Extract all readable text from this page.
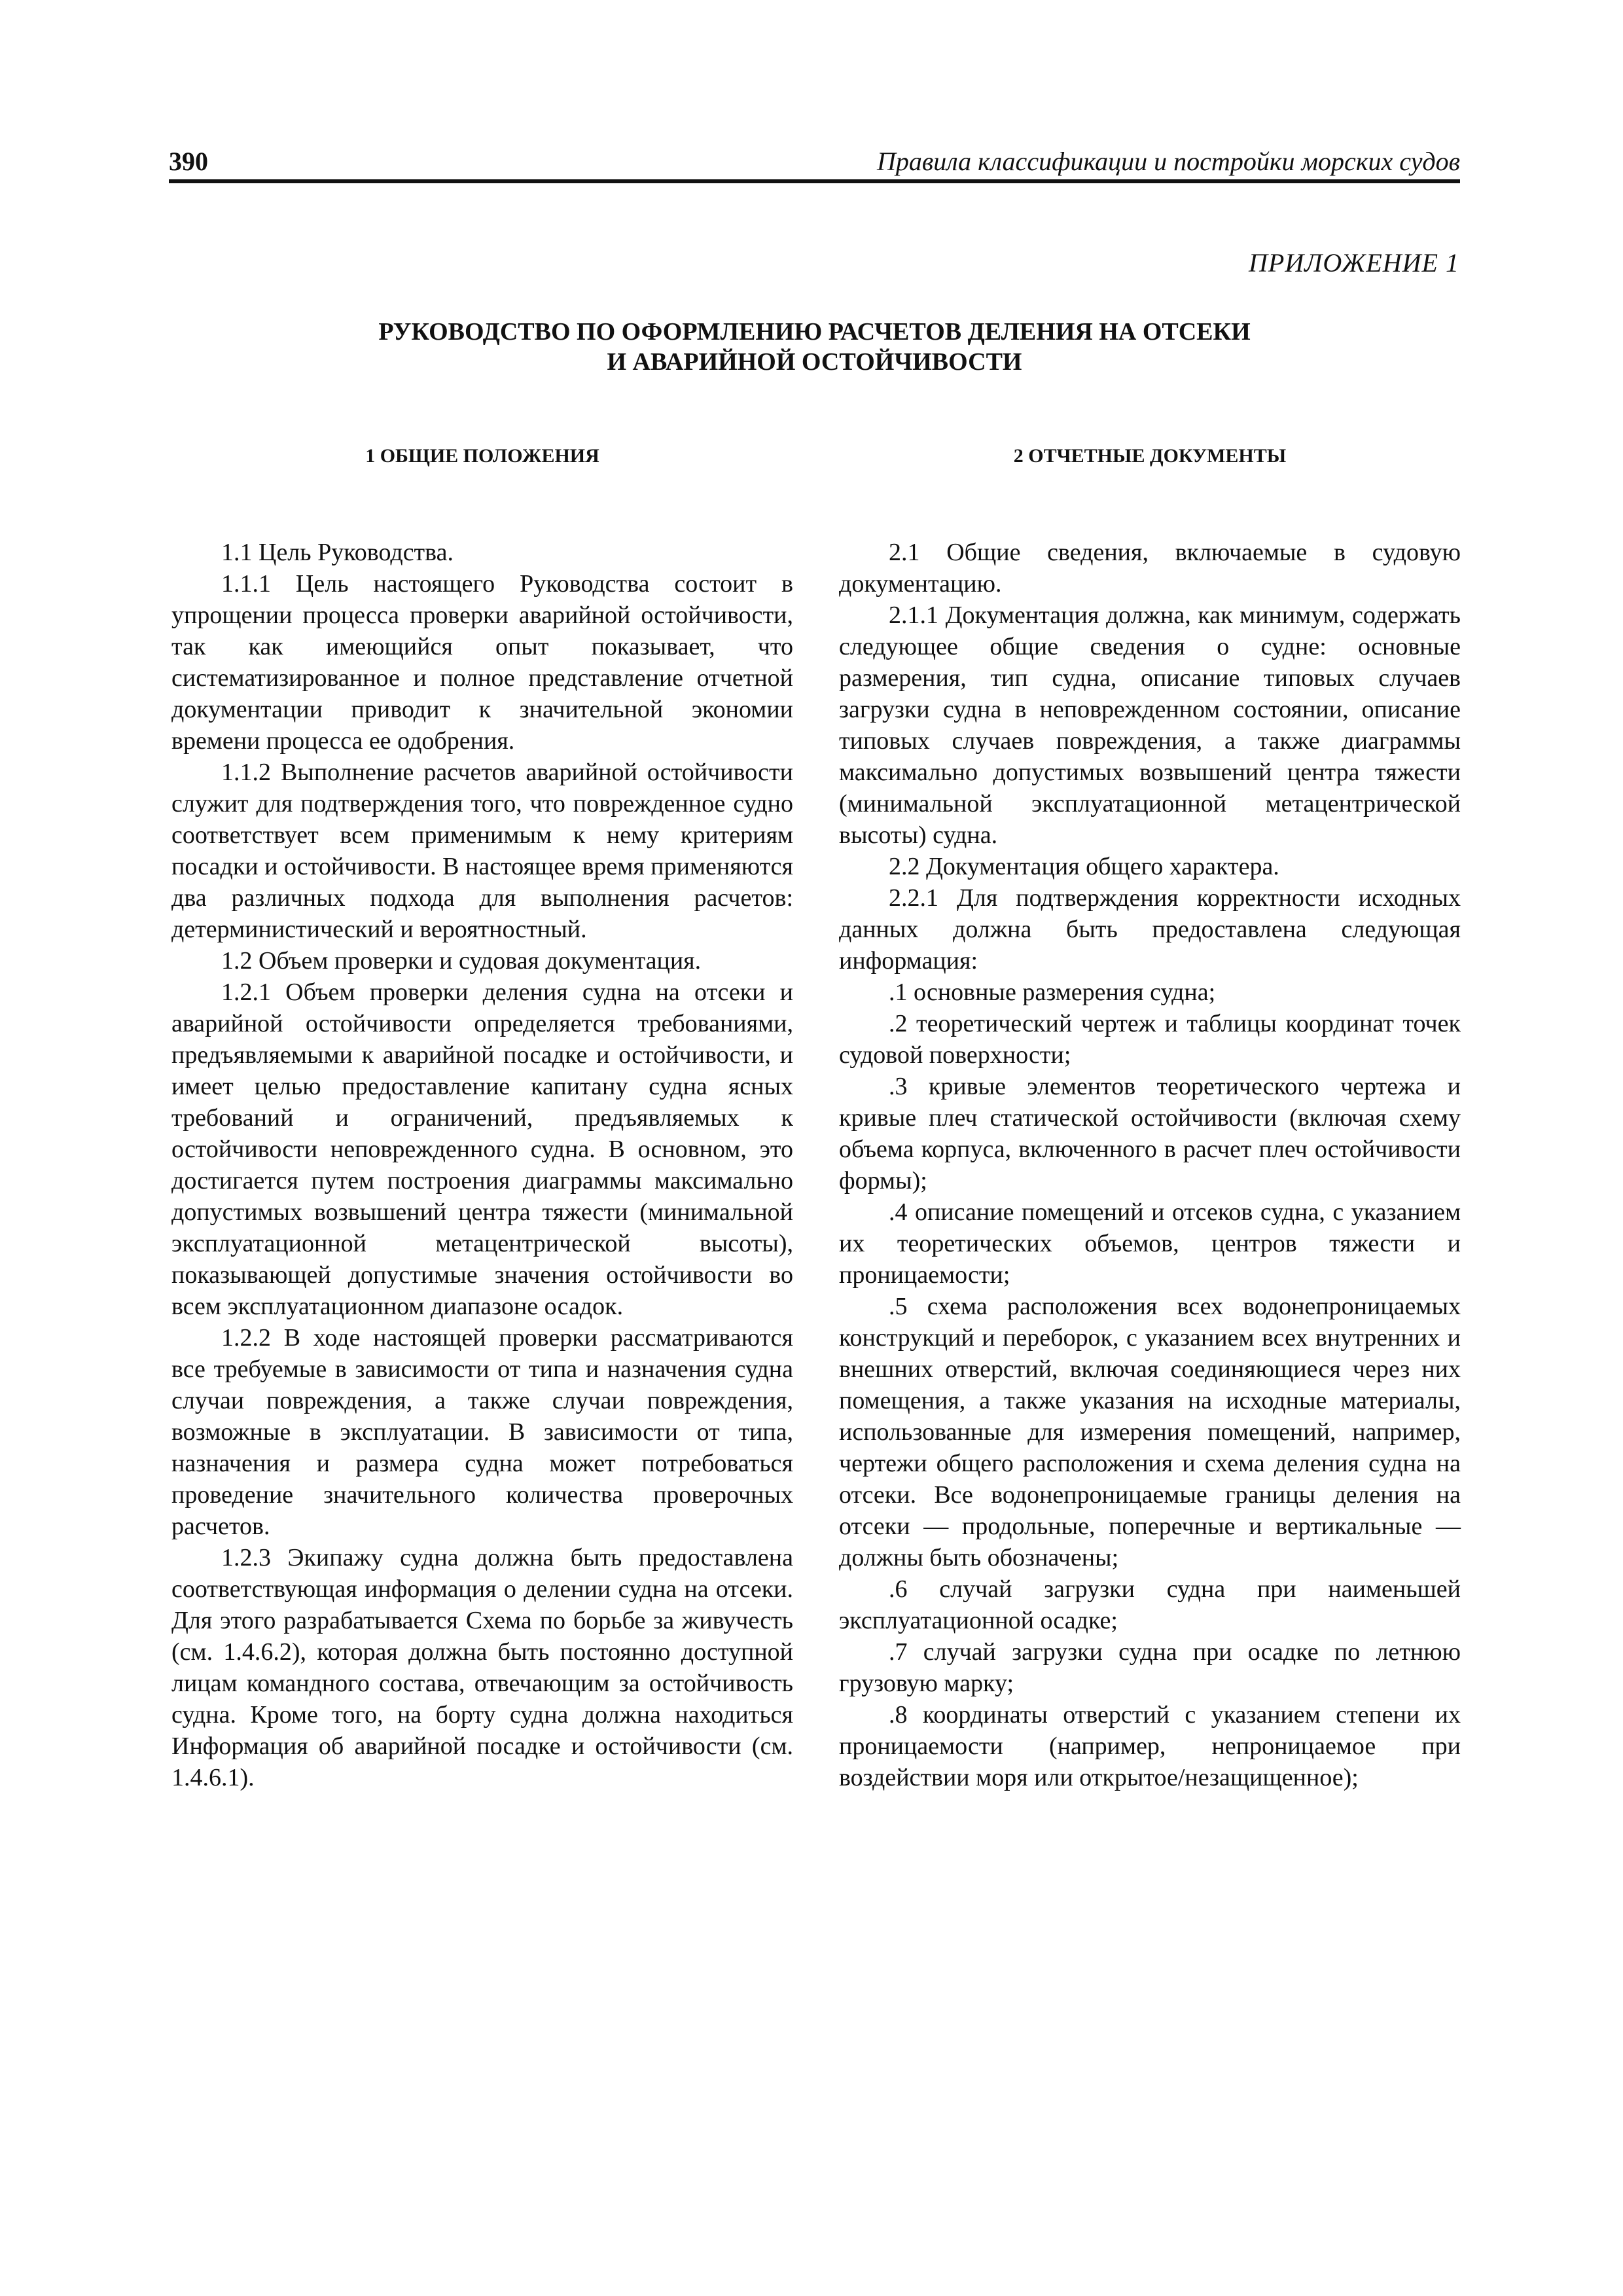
390	Правила классификации и постройки морских судов
ПРИЛОЖЕНИЕ 1
РУКОВОДСТВО ПО ОФОРМЛЕНИЮ РАСЧЕТОВ ДЕЛЕНИЯ НА ОТСЕКИ
И АВАРИЙНОЙ ОСТОЙЧИВОСТИ
1 ОБЩИЕ ПОЛОЖЕНИЯ

1.1 Цель Руководства.

1.1.1 Цель настоящего Руководства состоит в упрощении процесса проверки аварийной остойчивости, так как имеющийся опыт показывает, что систематизированное и полное представление отчетной документации приводит к значительной экономии времени процесса ее одобрения.

1.1.2 Выполнение расчетов аварийной остойчивости служит для подтверждения того, что поврежденное судно соответствует всем применимым к нему критериям посадки и остойчивости. В настоящее время применяются два различных подхода для выполнения расчетов: детерминистический и вероятностный.

1.2 Объем проверки и судовая документация.

1.2.1 Объем проверки деления судна на отсеки и аварийной остойчивости определяется требованиями, предъявляемыми к аварийной посадке и остойчивости, и имеет целью предоставление капитану судна ясных требований и ограничений, предъявляемых к остойчивости неповрежденного судна. В основном, это достигается путем построения диаграммы максимально допустимых возвышений центра тяжести (минимальной эксплуатационной метацентрической высоты), показывающей допустимые значения остойчивости во всем эксплуатационном диапазоне осадок.

1.2.2 В ходе настоящей проверки рассматриваются все требуемые в зависимости от типа и назначения судна случаи повреждения, а также случаи повреждения, возможные в эксплуатации. В зависимости от типа, назначения и размера судна может потребоваться проведение значительного количества проверочных расчетов.

1.2.3 Экипажу судна должна быть предоставлена соответствующая информация о делении судна на отсеки. Для этого разрабатывается Схема по борьбе за живучесть (см. 1.4.6.2), которая должна быть постоянно доступной лицам командного состава, отвечающим за остойчивость судна. Кроме того, на борту судна должна находиться Информация об аварийной посадке и остойчивости (см. 1.4.6.1).

2 ОТЧЕТНЫЕ ДОКУМЕНТЫ

2.1 Общие сведения, включаемые в судовую документацию.

2.1.1 Документация должна, как минимум, содержать следующее общие сведения о судне: основные размерения, тип судна, описание типовых случаев загрузки судна в неповрежденном состоянии, описание типовых случаев повреждения, а также диаграммы максимально допустимых возвышений центра тяжести (минимальной эксплуатационной метацентрической высоты) судна.

2.2 Документация общего характера.

2.2.1 Для подтверждения корректности исходных данных должна быть предоставлена следующая информация:

.1 основные размерения судна;

.2 теоретический чертеж и таблицы координат точек судовой поверхности;

.3 кривые элементов теоретического чертежа и кривые плеч статической остойчивости (включая схему объема корпуса, включенного в расчет плеч остойчивости формы);

.4 описание помещений и отсеков судна, с указанием их теоретических объемов, центров тяжести и проницаемости;

.5 схема расположения всех водонепроницаемых конструкций и переборок, с указанием всех внутренних и внешних отверстий, включая соединяющиеся через них помещения, а также указания на исходные материалы, использованные для измерения помещений, например, чертежи общего расположения и схема деления судна на отсеки. Все водонепроницаемые границы деления на отсеки — продольные, поперечные и вертикальные — должны быть обозначены;

.6 случай загрузки судна при наименьшей эксплуатационной осадке;

.7 случай загрузки судна при осадке по летнюю грузовую марку;

.8 координаты отверстий с указанием степени их проницаемости (например, непроницаемое при воздействии моря или открытое/незащищенное);
